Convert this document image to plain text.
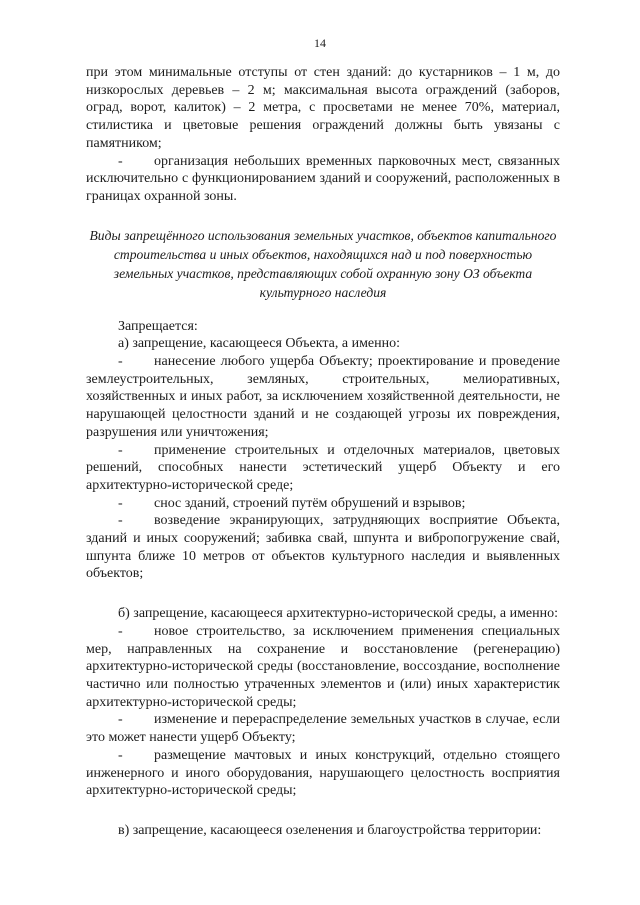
14

при этом минимальные отступы от стен зданий: до кустарников – 1 м, до низкорослых деревьев – 2 м; максимальная высота ограждений (заборов, оград, ворот, калиток) – 2 метра, с просветами не менее 70%, материал, стилистика и цветовые решения ограждений должны быть увязаны с памятником;

- организация небольших временных парковочных мест, связанных исключительно с функционированием зданий и сооружений, расположенных в границах охранной зоны.

Виды запрещённого использования земельных участков, объектов капитального строительства и иных объектов, находящихся над и под поверхностью земельных участков, представляющих собой охранную зону ОЗ объекта культурного наследия

Запрещается:

а) запрещение, касающееся Объекта, а именно:

- нанесение любого ущерба Объекту; проектирование и проведение землеустроительных, земляных, строительных, мелиоративных, хозяйственных и иных работ, за исключением хозяйственной деятельности, не нарушающей целостности зданий и не создающей угрозы их повреждения, разрушения или уничтожения;

- применение строительных и отделочных материалов, цветовых решений, способных нанести эстетический ущерб Объекту и его архитектурно-исторической среде;

- снос зданий, строений путём обрушений и взрывов;

- возведение экранирующих, затрудняющих восприятие Объекта, зданий и иных сооружений; забивка свай, шпунта и вибропогружение свай, шпунта ближе 10 метров от объектов культурного наследия и выявленных объектов;

б) запрещение, касающееся архитектурно-исторической среды, а именно:

- новое строительство, за исключением применения специальных мер, направленных на сохранение и восстановление (регенерацию) архитектурно-исторической среды (восстановление, воссоздание, восполнение частично или полностью утраченных элементов и (или) иных характеристик архитектурно-исторической среды;

- изменение и перераспределение земельных участков в случае, если это может нанести ущерб Объекту;

- размещение мачтовых и иных конструкций, отдельно стоящего инженерного и иного оборудования, нарушающего целостность восприятия архитектурно-исторической среды;

в) запрещение, касающееся озеленения и благоустройства территории:
